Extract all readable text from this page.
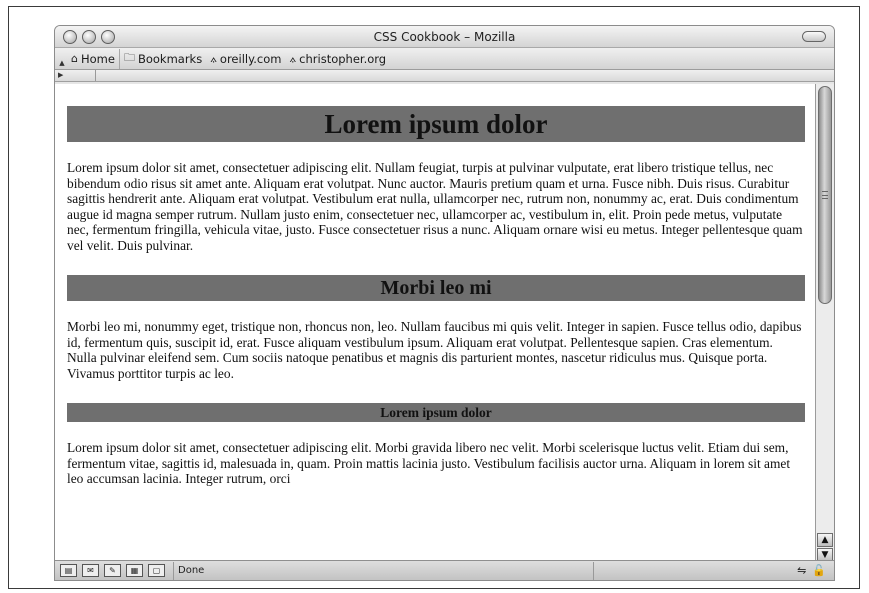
CSS Cookbook – Mozilla
▲ ⌂ Home 🗀 Bookmarks ⟑ oreilly.com ⟑ christopher.org
▶
Lorem ipsum dolor

Lorem ipsum dolor sit amet, consectetuer adipiscing elit. Nullam feugiat, turpis at pulvinar vulputate, erat libero tristique tellus, nec bibendum odio risus sit amet ante. Aliquam erat volutpat. Nunc auctor. Mauris pretium quam et urna. Fusce nibh. Duis risus. Curabitur sagittis hendrerit ante. Aliquam erat volutpat. Vestibulum erat nulla, ullamcorper nec, rutrum non, nonummy ac, erat. Duis condimentum augue id magna semper rutrum. Nullam justo enim, consectetuer nec, ullamcorper ac, vestibulum in, elit. Proin pede metus, vulputate nec, fermentum fringilla, vehicula vitae, justo. Fusce consectetuer risus a nunc. Aliquam ornare wisi eu metus. Integer pellentesque quam vel velit. Duis pulvinar.

Morbi leo mi

Morbi leo mi, nonummy eget, tristique non, rhoncus non, leo. Nullam faucibus mi quis velit. Integer in sapien. Fusce tellus odio, dapibus id, fermentum quis, suscipit id, erat. Fusce aliquam vestibulum ipsum. Aliquam erat volutpat. Pellentesque sapien. Cras elementum. Nulla pulvinar eleifend sem. Cum sociis natoque penatibus et magnis dis parturient montes, nascetur ridiculus mus. Quisque porta. Vivamus porttitor turpis ac leo.

Lorem ipsum dolor

Lorem ipsum dolor sit amet, consectetuer adipiscing elit. Morbi gravida libero nec velit. Morbi scelerisque luctus velit. Etiam dui sem, fermentum vitae, sagittis id, malesuada in, quam. Proin mattis lacinia justo. Vestibulum facilisis auctor urna. Aliquam in lorem sit amet leo accumsan lacinia. Integer rutrum, orci

▲
▼
▤	✉	✎	▦	▢	Done	⇋ 🔓
